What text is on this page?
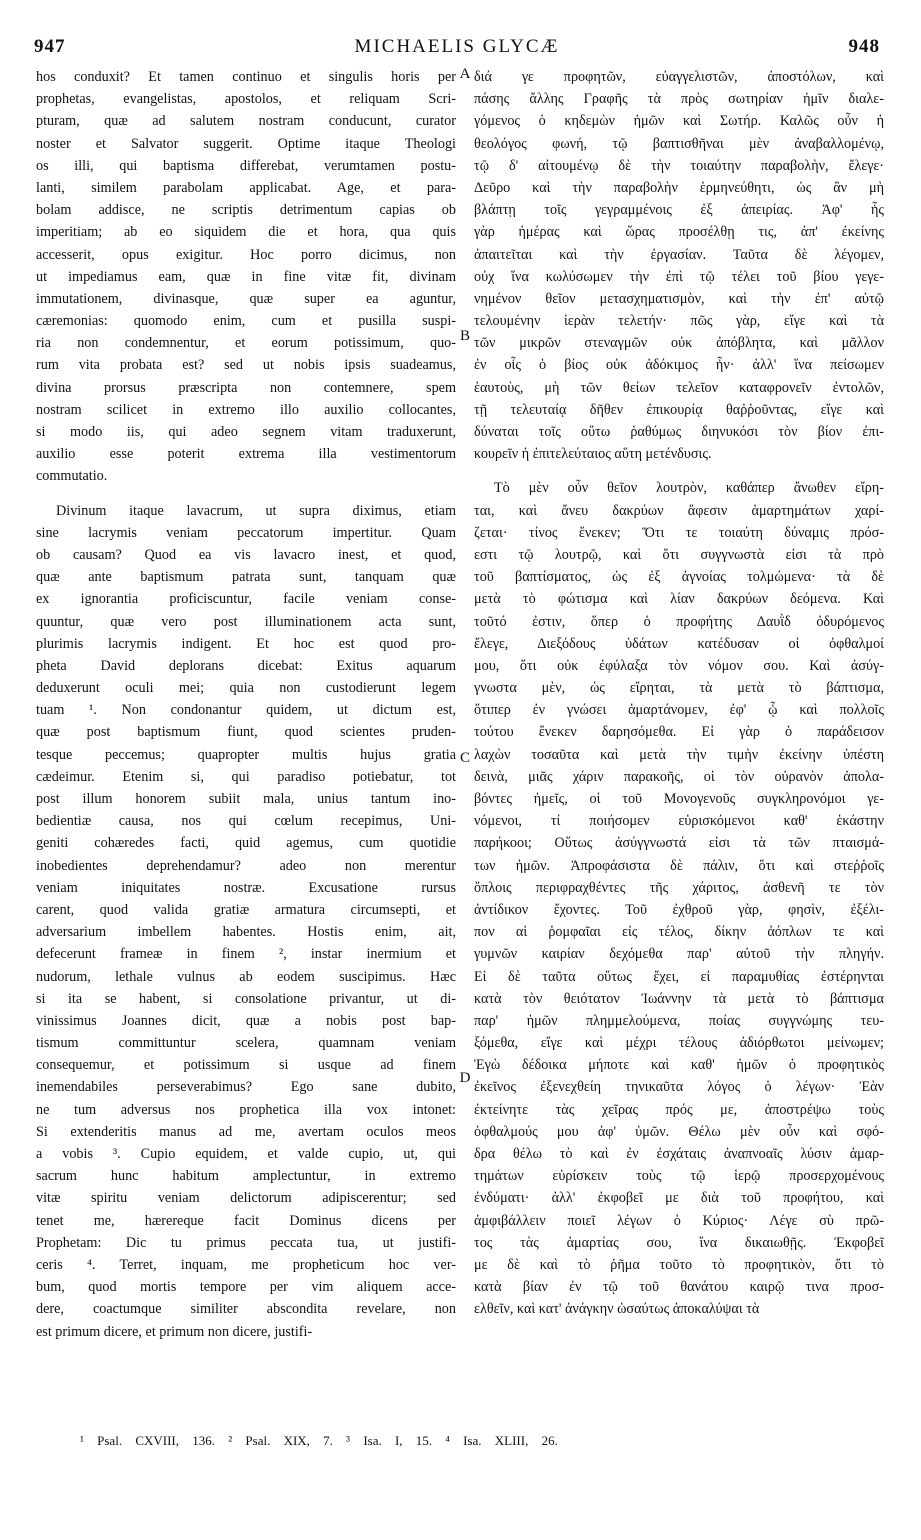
947	MICHAELIS GLYCÆ	948
hos conduxit? Et tamen continuo et singulis horis per
prophetas, evangelistas, apostolos, et reliquam Scri-
pturam, quæ ad salutem nostram conducunt, curator
noster et Salvator suggerit. Optime itaque Theologi
os illi, qui baptisma differebat, verumtamen postu-
lanti, similem parabolam applicabat. Age, et para-
bolam addisce, ne scriptis detrimentum capias ob
imperitiam; ab eo siquidem die et hora, qua quis
accesserit, opus exigitur. Hoc porro dicimus, non
ut impediamus eam, quæ in fine vitæ fit, divinam
immutationem, divinasque, quæ super ea aguntur,
cæremonias: quomodo enim, cum et pusilla suspi-
ria non condemnentur, et eorum potissimum, quo-
rum vita probata est? sed ut nobis ipsis suadeamus,
divina prorsus præscripta non contemnere, spem
nostram scilicet in extremo illo auxilio collocantes,
si modo iis, qui adeo segnem vitam traduxerunt,
auxilio esse poterit extrema illa vestimentorum
commutatio.
Divinum itaque lavacrum, ut supra diximus, etiam
sine lacrymis veniam peccatorum impertitur. Quam
ob causam? Quod ea vis lavacro inest, et quod,
quæ ante baptismum patrata sunt, tanquam quæ
ex ignorantia proficiscuntur, facile veniam conse-
quuntur, quæ vero post illuminationem acta sunt,
plurimis lacrymis indigent. Et hoc est quod pro-
pheta David deplorans dicebat: Exitus aquarum
deduxerunt oculi mei; quia non custodierunt legem
tuam ¹. Non condonantur quidem, ut dictum est,
quæ post baptismum fiunt, quod scientes pruden-
tesque peccemus; quapropter multis hujus gratia
cædeimur. Etenim si, qui paradiso potiebatur, tot
post illum honorem subiit mala, unius tantum ino-
bedientiæ causa, nos qui cœlum recepimus, Uni-
geniti cohæredes facti, quid agemus, cum quotidie
inobedientes deprehendamur? adeo non merentur
veniam iniquitates nostræ. Excusatione rursus
carent, quod valida gratiæ armatura circumsepti, et
adversarium imbellem habentes. Hostis enim, ait,
defecerunt frameæ in finem ², instar inermium et
nudorum, lethale vulnus ab eodem suscipimus. Hæc
si ita se habent, si consolatione privantur, ut di-
vinissimus Joannes dicit, quæ a nobis post bap-
tismum committuntur scelera, quamnam veniam
consequemur, et potissimum si usque ad finem
inemendabiles perseverabimus? Ego sane dubito,
ne tum adversus nos prophetica illa vox intonet:
Si extenderitis manus ad me, avertam oculos meos
a vobis ³. Cupio equidem, et valde cupio, ut, qui
sacrum hunc habitum amplectuntur, in extremo
vitæ spiritu veniam delictorum adipiscerentur; sed
tenet me, hærereque facit Dominus dicens per
Prophetam: Dic tu primus peccata tua, ut justifi-
ceris ⁴. Terret, inquam, me propheticum hoc ver-
bum, quod mortis tempore per vim aliquem acce-
dere, coactumque similiter abscondita revelare, non
est primum dicere, et primum non dicere, justifi-
A
B
C
D
διά γε προφητῶν, εὐαγγελιστῶν, ἀποστόλων, καὶ
πάσης ἄλλης Γραφῆς τὰ πρὸς σωτηρίαν ἡμῖν διαλε-
γόμενος ὁ κηδεμὼν ἡμῶν καὶ Σωτήρ. Καλῶς οὖν ἡ
θεολόγος φωνή, τῷ βαπτισθῆναι μὲν ἀναβαλλομένῳ,
τῷ δ' αἰτουμένῳ δὲ τὴν τοιαύτην παραβολὴν, ἔλεγε·
Δεῦρο καὶ τὴν παραβολὴν ἑρμηνεύθητι, ὡς ἂν μὴ
βλάπτῃ τοῖς γεγραμμένοις ἐξ ἀπειρίας. Ἀφ' ἧς
γὰρ ἡμέρας καὶ ὥρας προσέλθῃ τις, ἀπ' ἐκείνης
ἀπαιτεῖται καὶ τὴν ἐργασίαν. Ταῦτα δὲ λέγομεν,
οὐχ ἵνα κωλύσωμεν τὴν ἐπὶ τῷ τέλει τοῦ βίου γεγε-
νημένον θεῖον μετασχηματισμὸν, καὶ τὴν ἐπ' αὐτῷ
τελουμένην ἱερὰν τελετήν· πῶς γὰρ, εἴγε καὶ τὰ
τῶν μικρῶν στεναγμῶν οὐκ ἀπόβλητα, καὶ μᾶλλον
ἐν οἷς ὁ βίος οὐκ ἀδόκιμος ἦν· ἀλλ' ἵνα πείσωμεν
ἑαυτοὺς, μὴ τῶν θείων τελεῖον καταφρονεῖν ἐντολῶν,
τῇ τελευταίᾳ δῆθεν ἐπικουρίᾳ θαῤῥοῦντας, εἴγε καὶ
δύναται τοῖς οὕτω ῥαθύμως διηνυκόσι τὸν βίον ἐπι-
κουρεῖν ἡ ἐπιτελεύταιος αὕτη μετένδυσις.
Τὸ μὲν οὖν θεῖον λουτρὸν, καθάπερ ἄνωθεν εἴρη-
ται, καὶ ἄνευ δακρύων ἄφεσιν ἁμαρτημάτων χαρί-
ζεται· τίνος ἕνεκεν; Ὅτι τε τοιαύτη δύναμις πρόσ-
εστι τῷ λουτρῷ, καὶ ὅτι συγγνωστὰ εἰσι τὰ πρὸ
τοῦ βαπτίσματος, ὡς ἐξ ἀγνοίας τολμώμενα· τὰ δὲ
μετὰ τὸ φώτισμα καὶ λίαν δακρύων δεόμενα. Καὶ
τοῦτό ἐστιν, ὅπερ ὁ προφήτης Δαυῒδ ὀδυρόμενος
ἔλεγε, Διεξόδους ὑδάτων κατέδυσαν οἱ ὀφθαλμοί
μου, ὅτι οὐκ ἐφύλαξα τὸν νόμον σου. Καὶ ἀσύγ-
γνωστα μὲν, ὡς εἴρηται, τὰ μετὰ τὸ βάπτισμα,
ὅτιπερ ἐν γνώσει ἁμαρτάνομεν, ἐφ' ᾧ καὶ πολλοῖς
τούτου ἕνεκεν δαρησόμεθα. Εἰ γὰρ ὁ παράδεισον
λαχὼν τοσαῦτα καὶ μετὰ τὴν τιμὴν ἐκείνην ὑπέστη
δεινὰ, μιᾶς χάριν παρακοῆς, οἱ τὸν οὐρανὸν ἀπολα-
βόντες ἡμεῖς, οἱ τοῦ Μονογενοῦς συγκληρονόμοι γε-
νόμενοι, τί ποιήσομεν εὑρισκόμενοι καθ' ἑκάστην
παρήκοοι; Οὕτως ἀσύγγνωστά εἰσι τὰ τῶν πταισμά-
των ἡμῶν. Ἀπροφάσιστα δὲ πάλιν, ὅτι καὶ στεῤῥοῖς
ὅπλοις περιφραχθέντες τῆς χάριτος, ἀσθενῆ τε τὸν
ἀντίδικον ἔχοντες. Τοῦ ἐχθροῦ γὰρ, φησὶν, ἐξέλι-
πον αἱ ῥομφαῖαι εἰς τέλος, δίκην ἀόπλων τε καὶ
γυμνῶν καιρίαν δεχόμεθα παρ' αὐτοῦ τὴν πληγήν.
Εἰ δὲ ταῦτα οὕτως ἔχει, εἰ παραμυθίας ἐστέρηνται
κατὰ τὸν θειότατον Ἰωάννην τὰ μετὰ τὸ βάπτισμα
παρ' ἡμῶν πλημμελούμενα, ποίας συγγνώμης τευ-
ξόμεθα, εἴγε καὶ μέχρι τέλους ἀδιόρθωτοι μείνωμεν;
Ἐγὼ δέδοικα μήποτε καὶ καθ' ἡμῶν ὁ προφητικὸς
ἐκεῖνος ἐξενεχθείη τηνικαῦτα λόγος ὁ λέγων· Ἐὰν
ἐκτείνητε τὰς χεῖρας πρός με, ἀποστρέψω τοὺς
ὀφθαλμούς μου ἀφ' ὑμῶν. Θέλω μὲν οὖν καὶ σφό-
δρα θέλω τὸ καὶ ἐν ἐσχάταις ἀναπνοαῖς λύσιν ἁμαρ-
τημάτων εὑρίσκειν τοὺς τῷ ἱερῷ προσερχομένους
ἐνδύματι· ἀλλ' ἐκφοβεῖ με διὰ τοῦ προφήτου, καὶ
ἀμφιβάλλειν ποιεῖ λέγων ὁ Κύριος· Λέγε σὺ πρῶ-
τος τὰς ἁμαρτίας σου, ἵνα δικαιωθῇς. Ἐκφοβεῖ
με δὲ καὶ τὸ ῥῆμα τοῦτο τὸ προφητικὸν, ὅτι τὸ
κατὰ βίαν ἐν τῷ τοῦ θανάτου καιρῷ τινα προσ-
ελθεῖν, καὶ κατ' ἀνάγκην ὡσαύτως ἀποκαλύψαι τὰ
¹ Psal. CXVIII, 136. ² Psal. XIX, 7. ³ Isa. I, 15. ⁴ Isa. XLIII, 26.
